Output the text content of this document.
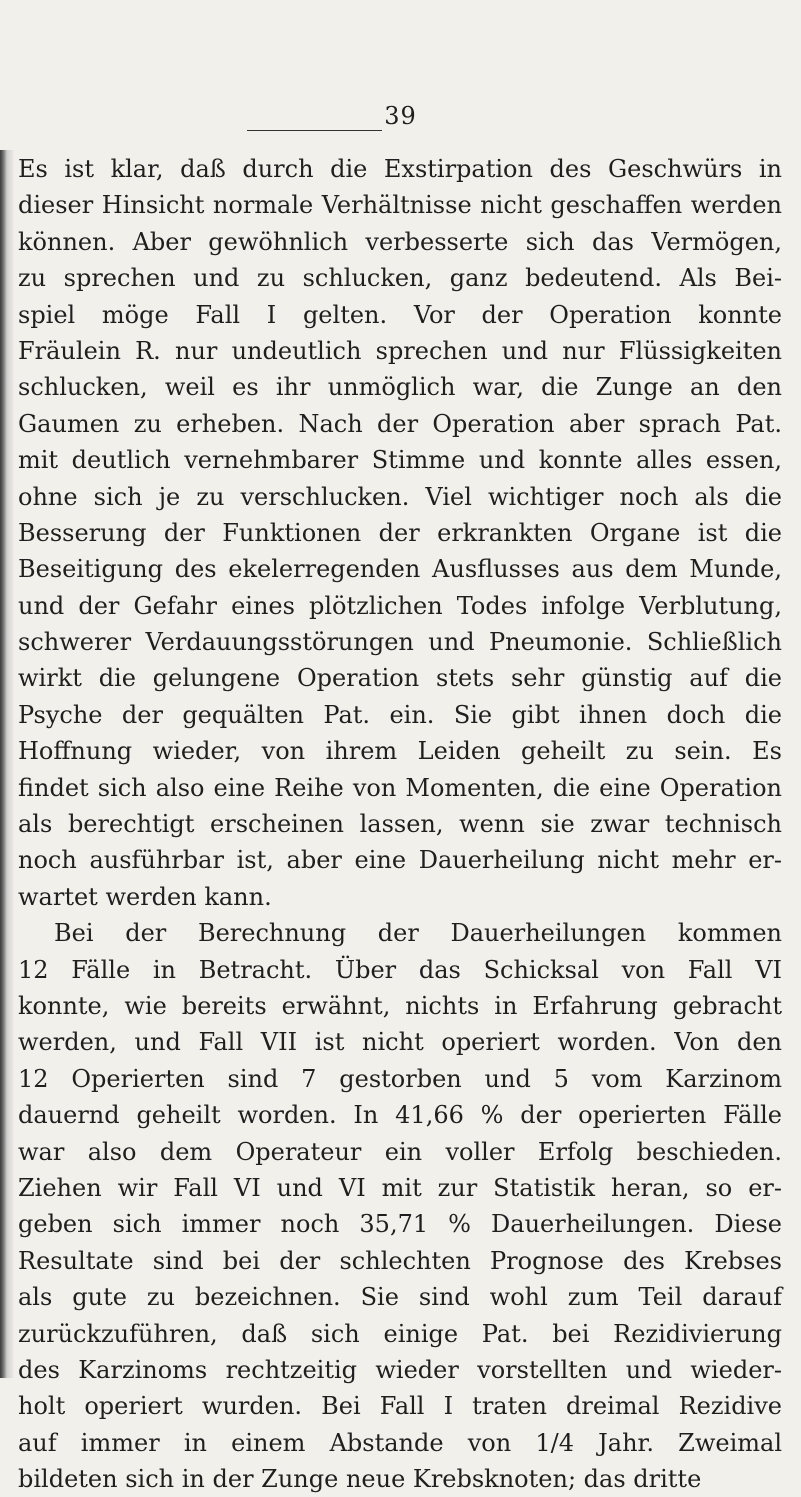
39
Es ist klar, daß durch die Exstirpation des Geschwürs in
dieser Hinsicht normale Verhältnisse nicht geschaffen werden
können. Aber gewöhnlich verbesserte sich das Vermögen,
zu sprechen und zu schlucken, ganz bedeutend. Als Bei-
spiel möge Fall I gelten. Vor der Operation konnte
Fräulein R. nur undeutlich sprechen und nur Flüssigkeiten
schlucken, weil es ihr unmöglich war, die Zunge an den
Gaumen zu erheben. Nach der Operation aber sprach Pat.
mit deutlich vernehmbarer Stimme und konnte alles essen,
ohne sich je zu verschlucken. Viel wichtiger noch als die
Besserung der Funktionen der erkrankten Organe ist die
Beseitigung des ekelerregenden Ausflusses aus dem Munde,
und der Gefahr eines plötzlichen Todes infolge Verblutung,
schwerer Verdauungsstörungen und Pneumonie. Schließlich
wirkt die gelungene Operation stets sehr günstig auf die
Psyche der gequälten Pat. ein. Sie gibt ihnen doch die
Hoffnung wieder, von ihrem Leiden geheilt zu sein. Es
findet sich also eine Reihe von Momenten, die eine Operation
als berechtigt erscheinen lassen, wenn sie zwar technisch
noch ausführbar ist, aber eine Dauerheilung nicht mehr er-
wartet werden kann.
Bei der Berechnung der Dauerheilungen kommen
12 Fälle in Betracht. Über das Schicksal von Fall VI
konnte, wie bereits erwähnt, nichts in Erfahrung gebracht
werden, und Fall VII ist nicht operiert worden. Von den
12 Operierten sind 7 gestorben und 5 vom Karzinom
dauernd geheilt worden. In 41,66 % der operierten Fälle
war also dem Operateur ein voller Erfolg beschieden.
Ziehen wir Fall VI und VI mit zur Statistik heran, so er-
geben sich immer noch 35,71 % Dauerheilungen. Diese
Resultate sind bei der schlechten Prognose des Krebses
als gute zu bezeichnen. Sie sind wohl zum Teil darauf
zurückzuführen, daß sich einige Pat. bei Rezidivierung
des Karzinoms rechtzeitig wieder vorstellten und wieder-
holt operiert wurden. Bei Fall I traten dreimal Rezidive
auf immer in einem Abstande von 1/4 Jahr. Zweimal
bildeten sich in der Zunge neue Krebsknoten; das dritte
